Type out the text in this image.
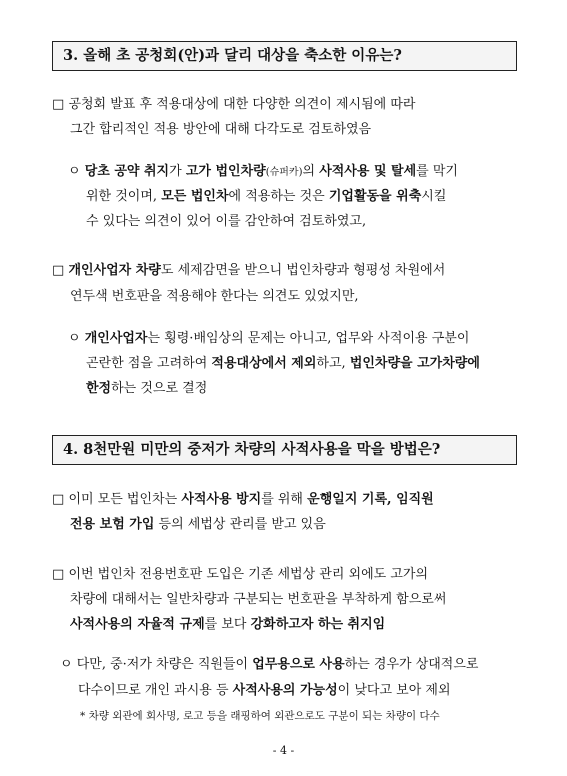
3. 올해 초 공청회(안)과 달리 대상을 축소한 이유는?
□ 공청회 발표 후 적용대상에 대한 다양한 의견이 제시됨에 따라
그간 합리적인 적용 방안에 대해 다각도로 검토하였음
ㅇ 당초 공약 취지가 고가 법인차량(슈퍼카)의 사적사용 및 탈세를 막기
위한 것이며, 모든 법인차에 적용하는 것은 기업활동을 위축시킬
수 있다는 의견이 있어 이를 감안하여 검토하였고,
□ 개인사업자 차량도 세제감면을 받으니 법인차량과 형평성 차원에서
연두색 번호판을 적용해야 한다는 의견도 있었지만,
ㅇ 개인사업자는 횡령·배임상의 문제는 아니고, 업무와 사적이용 구분이
곤란한 점을 고려하여 적용대상에서 제외하고, 법인차량을 고가차량에
한정하는 것으로 결정
4. 8천만원 미만의 중저가 차량의 사적사용을 막을 방법은?
□ 이미 모든 법인차는 사적사용 방지를 위해 운행일지 기록, 임직원
전용 보험 가입 등의 세법상 관리를 받고 있음
□ 이번 법인차 전용번호판 도입은 기존 세법상 관리 외에도 고가의
차량에 대해서는 일반차량과 구분되는 번호판을 부착하게 함으로써
사적사용의 자율적 규제를 보다 강화하고자 하는 취지임
ㅇ 다만, 중·저가 차량은 직원들이 업무용으로 사용하는 경우가 상대적으로
다수이므로 개인 과시용 등 사적사용의 가능성이 낮다고 보아 제외
* 차량 외관에 회사명, 로고 등을 래핑하여 외관으로도 구분이 되는 차량이 다수
- 4 -
